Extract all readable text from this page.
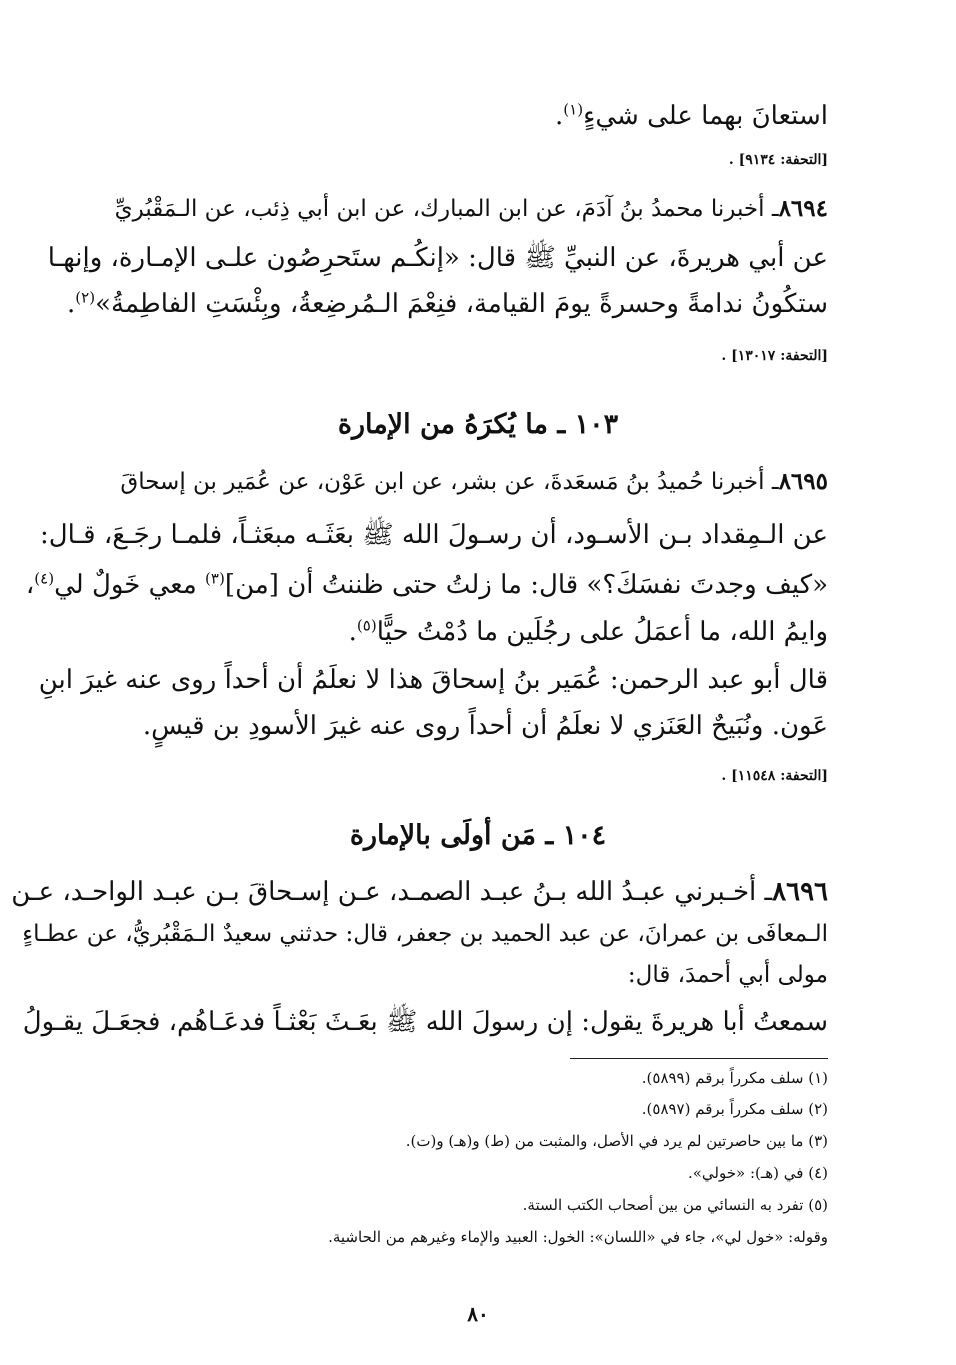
استعانَ بهما على شيءٍ$^{(١)}$.
[التحفة: ٩١٣٤] .
٨٦٩٤ـ أخبرنا محمدُ بنُ آدَمَ، عن ابن المبارك، عن ابن أبي ذِئب، عن الـمَقْبُريِّ
عن أبي هريرةَ، عن النبيِّ ﷺ قال: «إنكُـم ستَحرِصُون علـى الإمـارة، وإنهـا
ستكُونُ ندامةً وحسرةً يومَ القيامة، فنِعْمَ الـمُرضِعةُ، وبِئْسَتِ الفاطِمةُ»$^{(٢)}$.
[التحفة: ١٣٠١٧] .
١٠٣ ـ ما يُكرَهُ من الإمارة
٨٦٩٥ـ أخبرنا حُميدُ بنُ مَسعَدةَ، عن بشر، عن ابن عَوْن، عن عُمَير بن إسحاقَ
عن الـمِقداد بـن الأسـود، أن رسـولَ الله ﷺ بعَثَـه مبعَثـاً، فلمـا رجَـعَ، قـال:
«كيف وجدتَ نفسَكَ؟» قال: ما زلتُ حتى ظننتُ أن [من]$^{(٣)}$ معي خَولٌ لي$^{(٤)}$،
وايمُ الله، ما أعمَلُ على رجُلَين ما دُمْتُ حيًّا$^{(٥)}$.
قال أبو عبد الرحمن: عُمَير بنُ إسحاقَ هذا لا نعلَمُ أن أحداً روى عنه غيرَ ابنِ
عَون. ونُبَيحٌ العَنَزي لا نعلَمُ أن أحداً روى عنه غيرَ الأسودِ بن قيسٍ.
[التحفة: ١١٥٤٨] .
١٠٤ ـ مَن أولَى بالإمارة
٨٦٩٦ـ أخـبرني عبـدُ الله بـنُ عبـد الصمـد، عـن إسـحاقَ بـن عبـد الواحـد، عـن
الـمعافَى بن عمرانَ، عن عبد الحميد بن جعفر، قال: حدثني سعيدٌ الـمَقْبُريُّ، عن عطـاءٍ
مولى أبي أحمدَ، قال:
سمعتُ أبا هريرةَ يقول: إن رسولَ الله ﷺ بعَـثَ بَعْثـاً فدعَـاهُم، فجعَـلَ يقـولُ
(١) سلف مكرراً برقم (٥٨٩٩).
(٢) سلف مكرراً برقم (٥٨٩٧).
(٣) ما بين حاصرتين لم يرد في الأصل، والمثبت من (ط) و(هـ) و(ت).
(٤) في (هـ): «خولي».
(٥) تفرد به النسائي من بين أصحاب الكتب الستة.
وقوله: «خول لي»، جاء في «اللسان»: الخول: العبيد والإماء وغيرهم من الحاشية.
٨٠
